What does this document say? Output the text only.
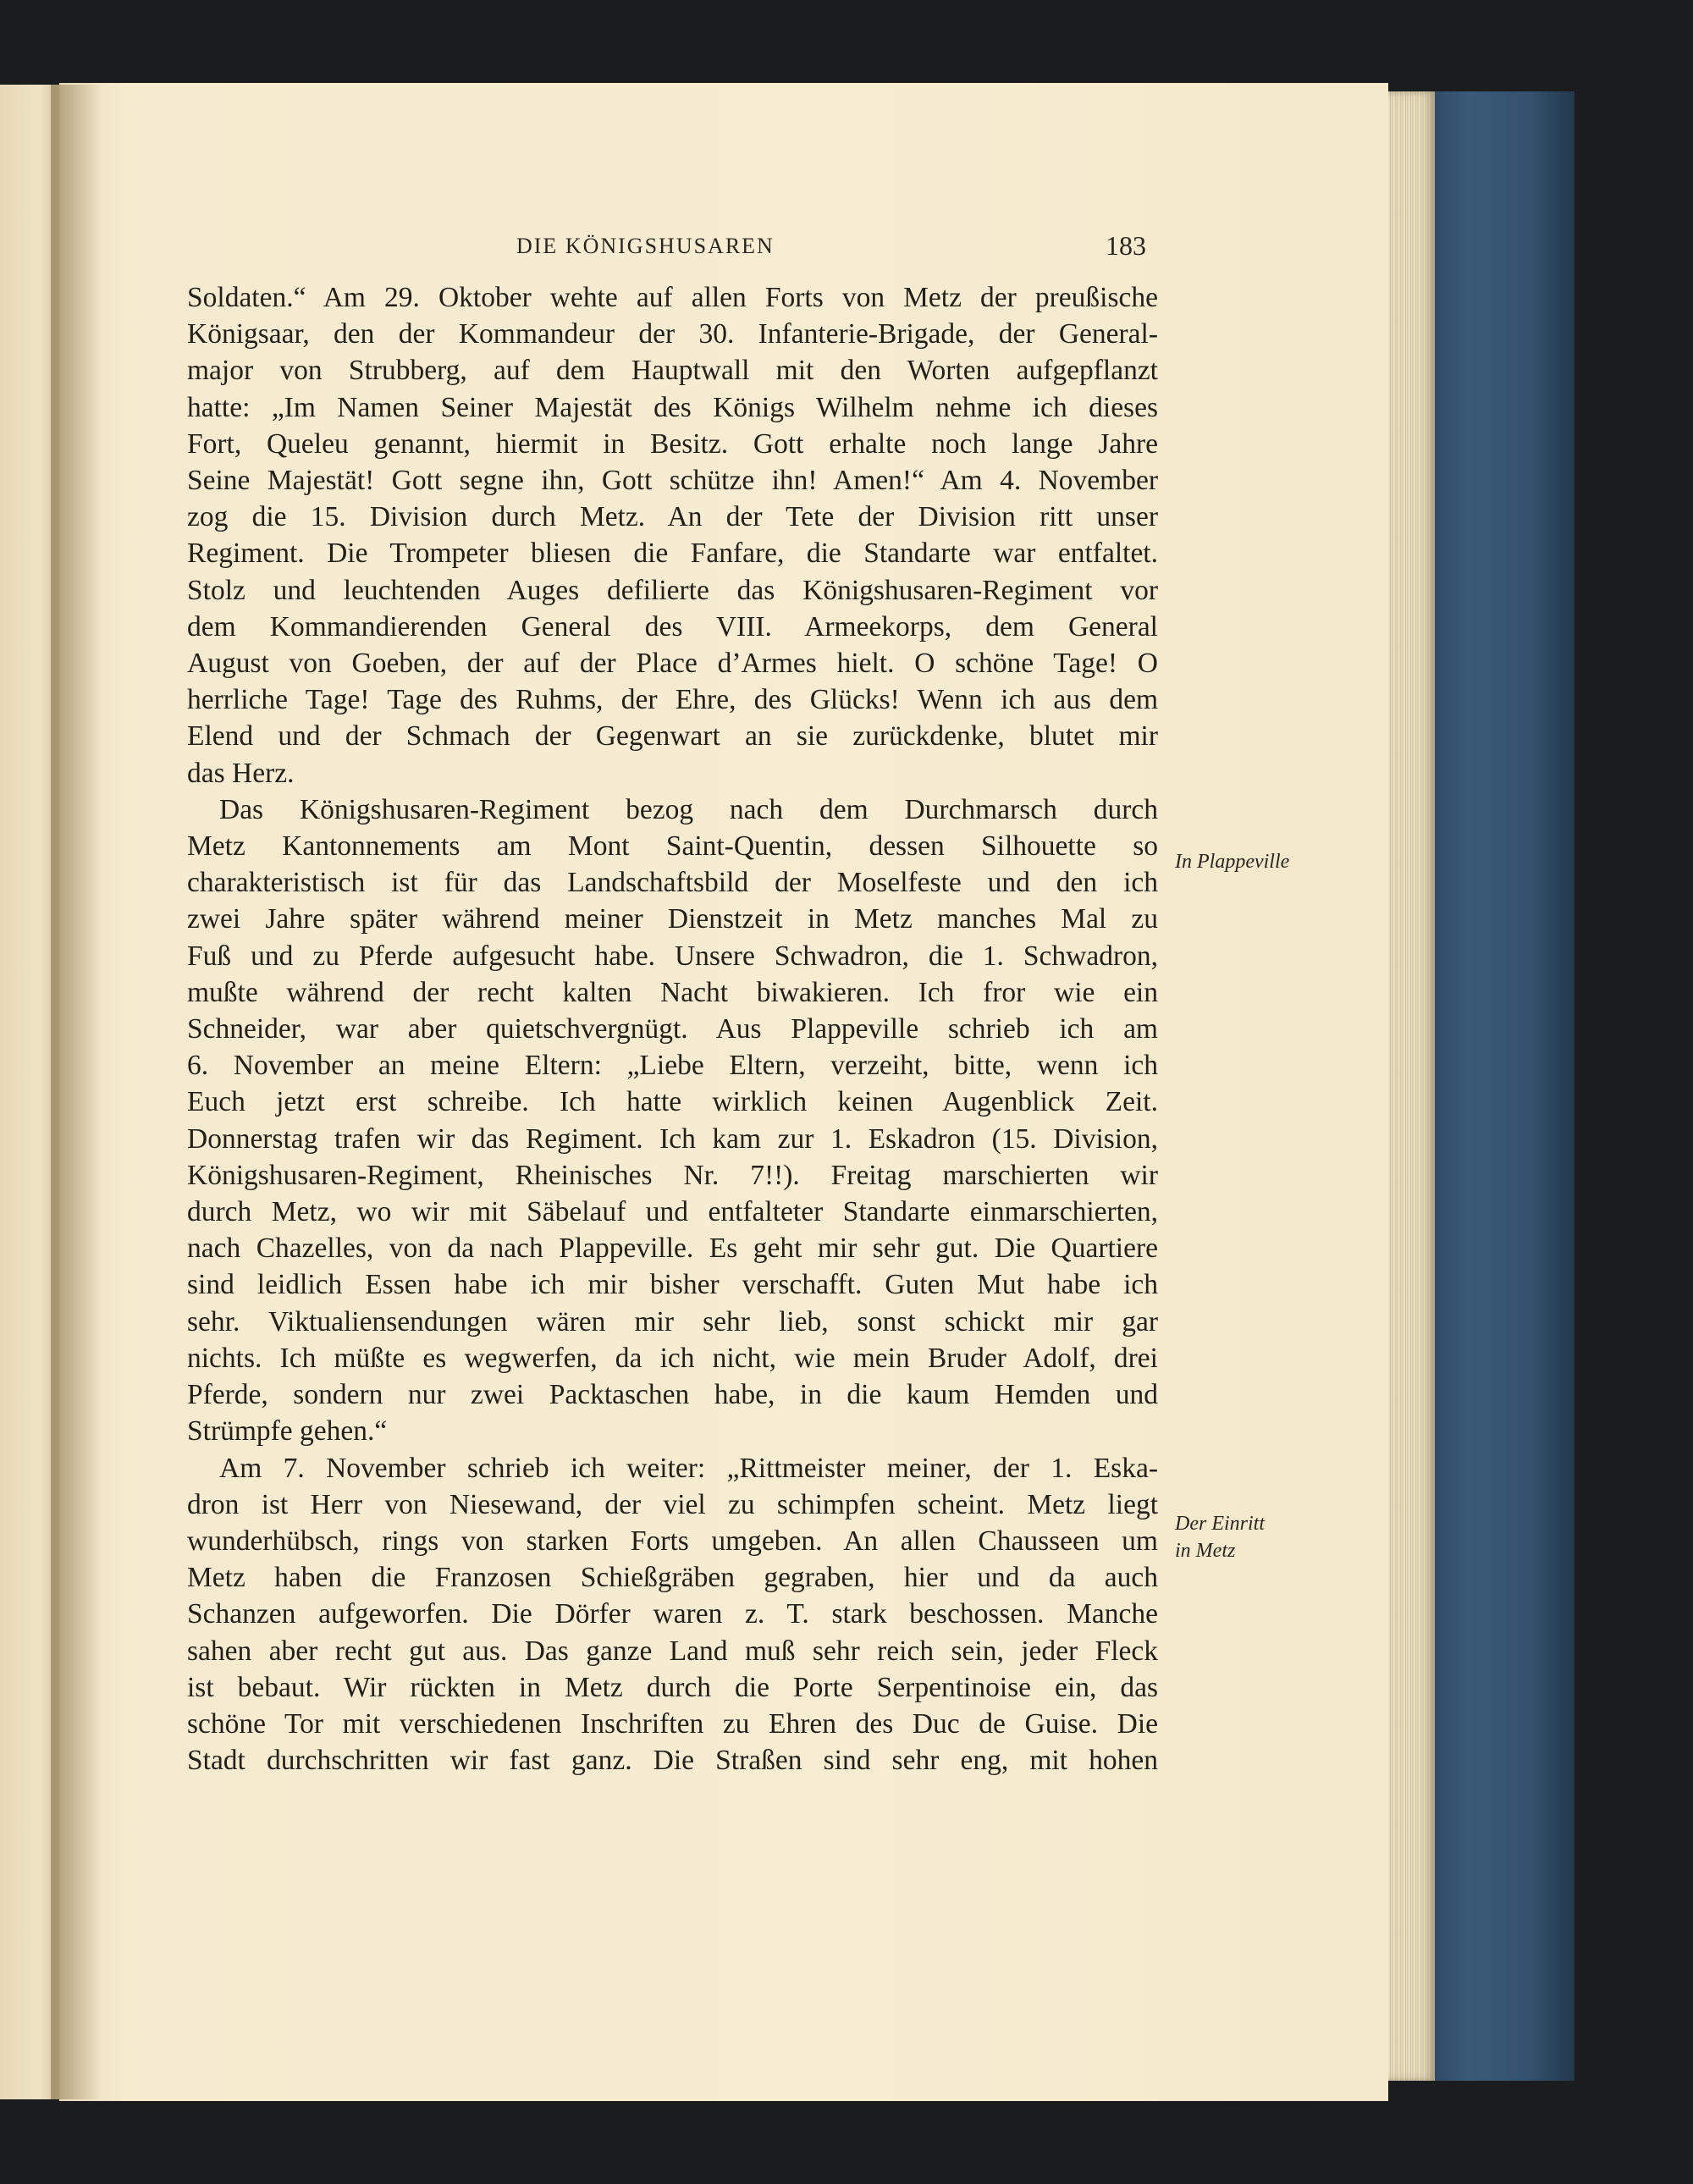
DIE KÖNIGSHUSAREN	183
Soldaten.“ Am 29. Oktober wehte auf allen Forts von Metz der preußische
Königsaar, den der Kommandeur der 30. Infanterie-Brigade, der General-
major von Strubberg, auf dem Hauptwall mit den Worten aufgepflanzt
hatte: „Im Namen Seiner Majestät des Königs Wilhelm nehme ich dieses
Fort, Queleu genannt, hiermit in Besitz. Gott erhalte noch lange Jahre
Seine Majestät! Gott segne ihn, Gott schütze ihn! Amen!“ Am 4. November
zog die 15. Division durch Metz. An der Tete der Division ritt unser
Regiment. Die Trompeter bliesen die Fanfare, die Standarte war entfaltet.
Stolz und leuchtenden Auges defilierte das Königshusaren-Regiment vor
dem Kommandierenden General des VIII. Armeekorps, dem General
August von Goeben, der auf der Place d’Armes hielt. O schöne Tage! O
herrliche Tage! Tage des Ruhms, der Ehre, des Glücks! Wenn ich aus dem
Elend und der Schmach der Gegenwart an sie zurückdenke, blutet mir
das Herz.
Das Königshusaren-Regiment bezog nach dem Durchmarsch durch
Metz Kantonnements am Mont Saint-Quentin, dessen Silhouette so
charakteristisch ist für das Landschaftsbild der Moselfeste und den ich
zwei Jahre später während meiner Dienstzeit in Metz manches Mal zu
Fuß und zu Pferde aufgesucht habe. Unsere Schwadron, die 1. Schwadron,
mußte während der recht kalten Nacht biwakieren. Ich fror wie ein
Schneider, war aber quietschvergnügt. Aus Plappeville schrieb ich am
6. November an meine Eltern: „Liebe Eltern, verzeiht, bitte, wenn ich
Euch jetzt erst schreibe. Ich hatte wirklich keinen Augenblick Zeit.
Donnerstag trafen wir das Regiment. Ich kam zur 1. Eskadron (15. Division,
Königshusaren-Regiment, Rheinisches Nr. 7!!). Freitag marschierten wir
durch Metz, wo wir mit Säbelauf und entfalteter Standarte einmarschierten,
nach Chazelles, von da nach Plappeville. Es geht mir sehr gut. Die Quartiere
sind leidlich Essen habe ich mir bisher verschafft. Guten Mut habe ich
sehr. Viktualiensendungen wären mir sehr lieb, sonst schickt mir gar
nichts. Ich müßte es wegwerfen, da ich nicht, wie mein Bruder Adolf, drei
Pferde, sondern nur zwei Packtaschen habe, in die kaum Hemden und
Strümpfe gehen.“
Am 7. November schrieb ich weiter: „Rittmeister meiner, der 1. Eska-
dron ist Herr von Niesewand, der viel zu schimpfen scheint. Metz liegt
wunderhübsch, rings von starken Forts umgeben. An allen Chausseen um
Metz haben die Franzosen Schießgräben gegraben, hier und da auch
Schanzen aufgeworfen. Die Dörfer waren z. T. stark beschossen. Manche
sahen aber recht gut aus. Das ganze Land muß sehr reich sein, jeder Fleck
ist bebaut. Wir rückten in Metz durch die Porte Serpentinoise ein, das
schöne Tor mit verschiedenen Inschriften zu Ehren des Duc de Guise. Die
Stadt durchschritten wir fast ganz. Die Straßen sind sehr eng, mit hohen
In Plappeville
Der Einritt
in Metz
